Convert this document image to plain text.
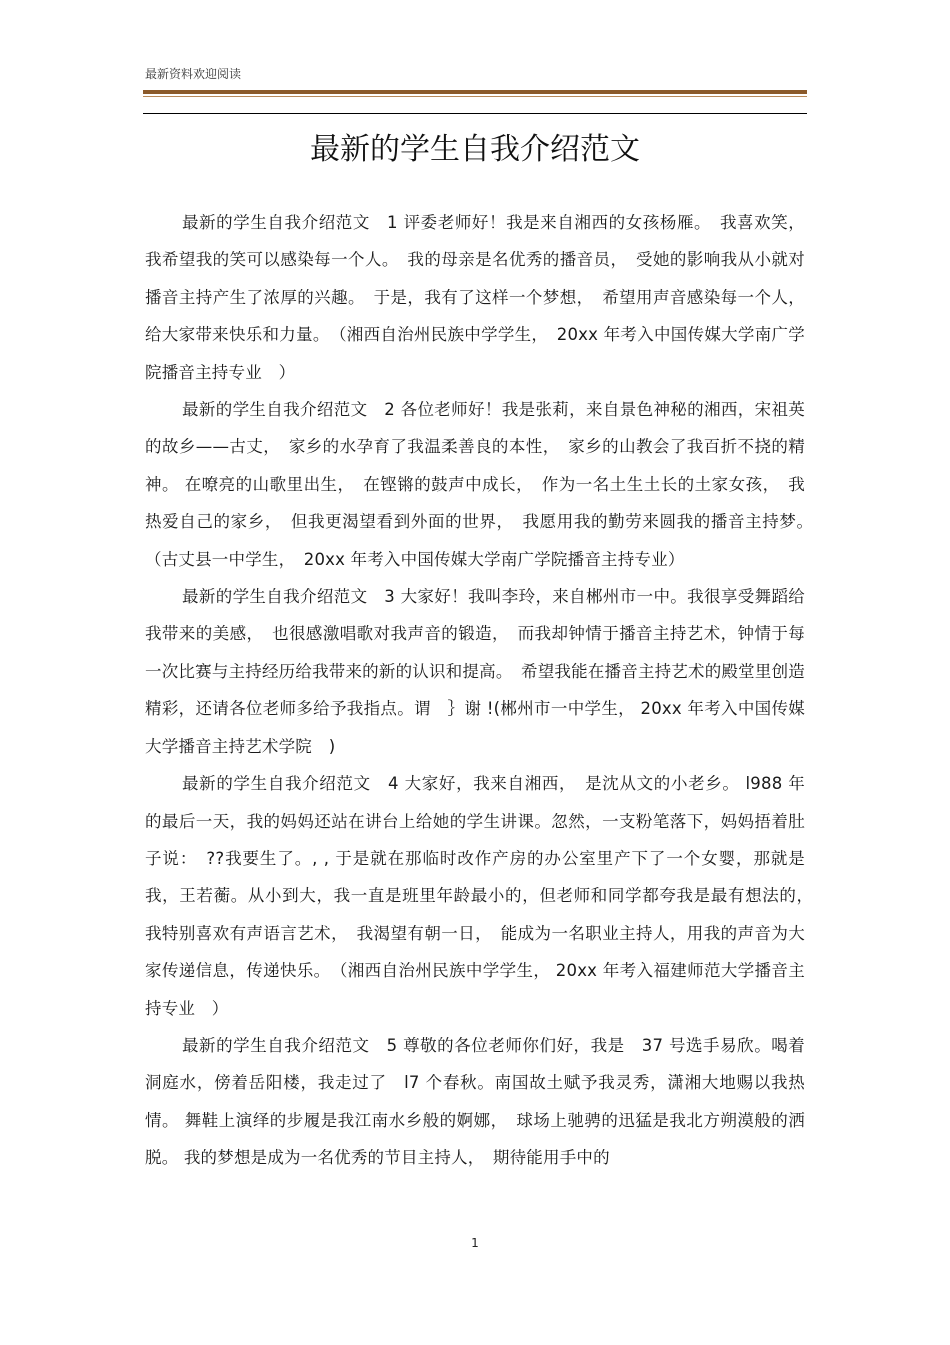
最新资料欢迎阅读
最新的学生自我介绍范文

最新的学生自我介绍范文　1 评委老师好！我是来自湘西的女孩杨雁。　我喜欢笑，我希望我的笑可以感染每一个人。　我的母亲是名优秀的播音员，　受她的影响我从小就对播音主持产生了浓厚的兴趣。　于是，我有了这样一个梦想，　希望用声音感染每一个人，给大家带来快乐和力量。　（湘西自治州民族中学学生，　20xx 年考入中国传媒大学南广学院播音主持专业　）

最新的学生自我介绍范文　2 各位老师好！我是张莉，来自景色神秘的湘西，宋祖英的故乡——古丈，　家乡的水孕育了我温柔善良的本性，　家乡的山教会了我百折不挠的精神。 在嘹亮的山歌里出生，　在铿锵的鼓声中成长，　作为一名土生土长的土家女孩，　我热爱自己的家乡，　但我更渴望看到外面的世界，　我愿用我的勤劳来圆我的播音主持梦。　（古丈县一中学生，　20xx 年考入中国传媒大学南广学院播音主持专业）

最新的学生自我介绍范文　3 大家好！我叫李玲，来自郴州市一中。我很享受舞蹈给我带来的美感，　也很感激唱歌对我声音的锻造，　而我却钟情于播音主持艺术，钟情于每一次比赛与主持经历给我带来的新的认识和提高。　希望我能在播音主持艺术的殿堂里创造精彩，还请各位老师多给予我指点。谓　｝谢 !(郴州市一中学生， 20xx 年考入中国传媒大学播音主持艺术学院　)

最新的学生自我介绍范文　4 大家好，我来自湘西，　是沈从文的小老乡。 l988 年的最后一天，我的妈妈还站在讲台上给她的学生讲课。忽然，一支粉笔落下，妈妈捂着肚子说：　??我要生了。, , 于是就在那临时改作产房的办公室里产下了一个女婴，那就是我，王若蘅。从小到大，我一直是班里年龄最小的，但老师和同学都夸我是最有想法的，　我特别喜欢有声语言艺术，　我渴望有朝一日，　能成为一名职业主持人，用我的声音为大家传递信息，传递快乐。　（湘西自治州民族中学学生， 20xx 年考入福建师范大学播音主持专业　）

最新的学生自我介绍范文　5 尊敬的各位老师你们好，我是　37 号选手易欣。喝着洞庭水，傍着岳阳楼，我走过了　l7 个春秋。南国故土赋予我灵秀，潇湘大地赐以我热情。 舞鞋上演绎的步履是我江南水乡般的婀娜，　球场上驰骋的迅猛是我北方朔漠般的洒脱。 我的梦想是成为一名优秀的节目主持人，　期待能用手中的

1
